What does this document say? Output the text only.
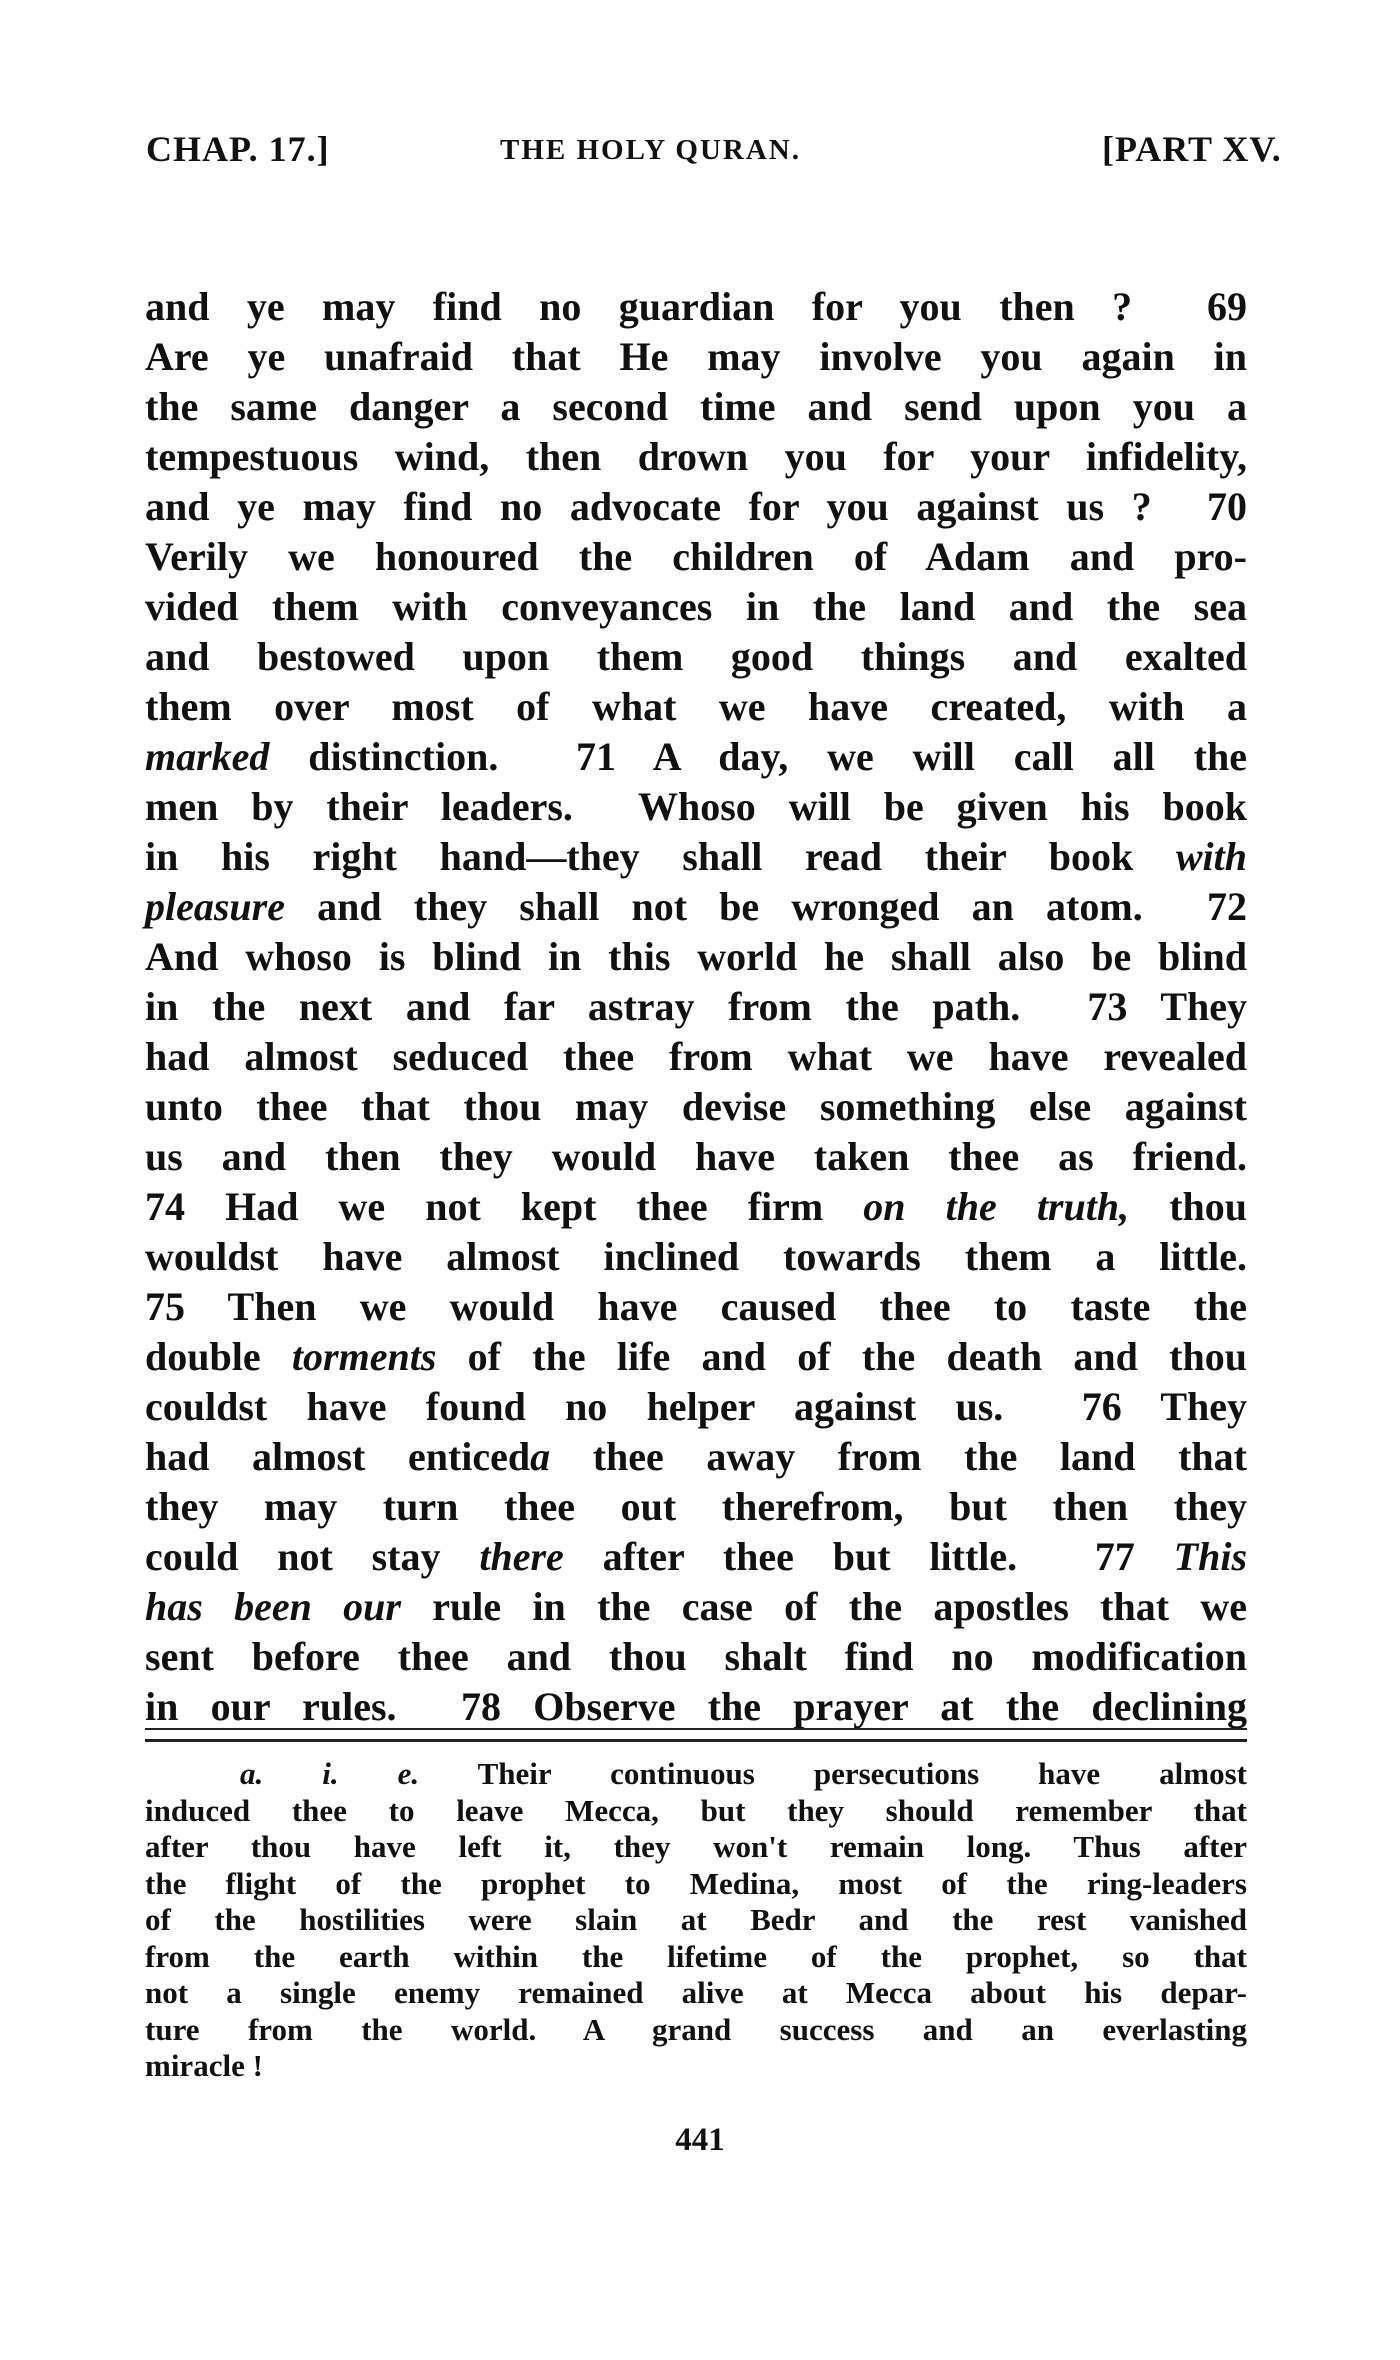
CHAP. 17.]	THE HOLY QURAN.	[PART XV.
and ye may find no guardian for you then ?  69
Are ye unafraid that He may involve you again in
the same danger a second time and send upon you a
tempestuous wind, then drown you for your infidelity,
and ye may find no advocate for you against us ?  70
Verily we honoured the children of Adam and pro-
vided them with conveyances in the land and the sea
and bestowed upon them good things and exalted
them over most of what we have created, with a
marked distinction.  71 A day, we will call all the
men by their leaders.  Whoso will be given his book
in his right hand—they shall read their book with
pleasure and they shall not be wronged an atom.  72
And whoso is blind in this world he shall also be blind
in the next and far astray from the path.  73 They
had almost seduced thee from what we have revealed
unto thee that thou may devise something else against
us and then they would have taken thee as friend.
74 Had we not kept thee firm on the truth, thou
wouldst have almost inclined towards them a little.
75 Then we would have caused thee to taste the
double torments of the life and of the death and thou
couldst have found no helper against us.  76 They
had almost enticeda thee away from the land that
they may turn thee out therefrom, but then they
could not stay there after thee but little.  77 This
has been our rule in the case of the apostles that we
sent before thee and thou shalt find no modification
in our rules.  78 Observe the prayer at the declining
a. i. e. Their continuous persecutions have almost
induced thee to leave Mecca, but they should remember that
after thou have left it, they won't remain long. Thus after
the flight of the prophet to Medina, most of the ring-leaders
of the hostilities were slain at Bedr and the rest vanished
from the earth within the lifetime of the prophet, so that
not a single enemy remained alive at Mecca about his depar-
ture from the world. A grand success and an everlasting
miracle !
441
